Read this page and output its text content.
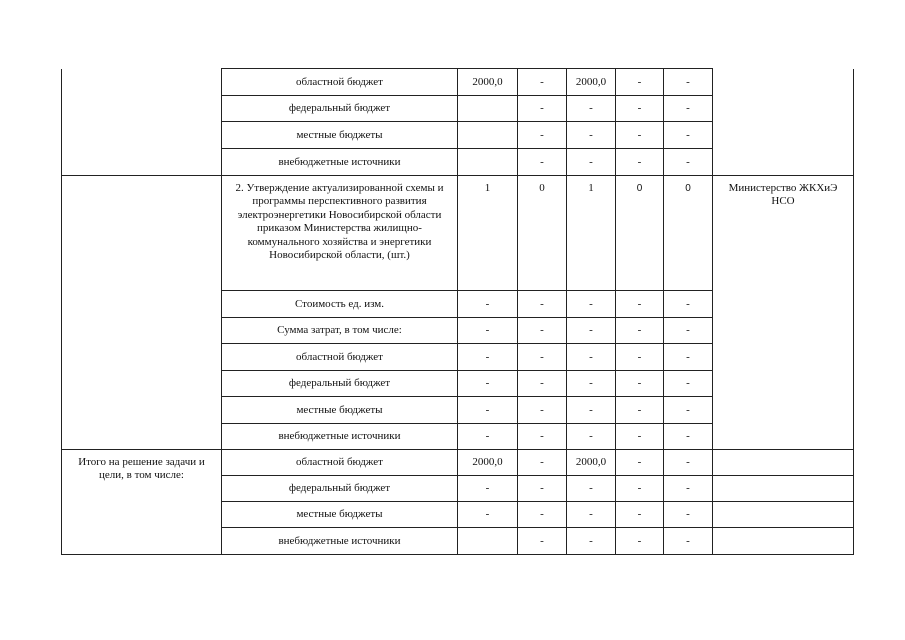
	областной бюджет	2000,0	-	2000,0	-	-	
	федеральный бюджет		-	-	-	-	
	местные бюджеты		-	-	-	-	
	внебюджетные источники		-	-	-	-	
	2. Утверждение актуализированной схемы и программы перспективного развития электроэнергетики Новосибирской области приказом Министерства жилищно-коммунального хозяйства и энергетики Новосибирской области, (шт.)	1	0	1	0	0	Министерство ЖКХиЭ НСО
	Стоимость ед. изм.	-	-	-	-	-	
	Сумма затрат, в том числе:	-	-	-	-	-	
	областной бюджет	-	-	-	-	-	
	федеральный бюджет	-	-	-	-	-	
	местные бюджеты	-	-	-	-	-	
	внебюджетные источники	-	-	-	-	-	
Итого на решение задачи и цели, в том числе:	областной бюджет	2000,0	-	2000,0	-	-	
	федеральный бюджет	-	-	-	-	-	
	местные бюджеты	-	-	-	-	-	
	внебюджетные источники		-	-	-	-	
